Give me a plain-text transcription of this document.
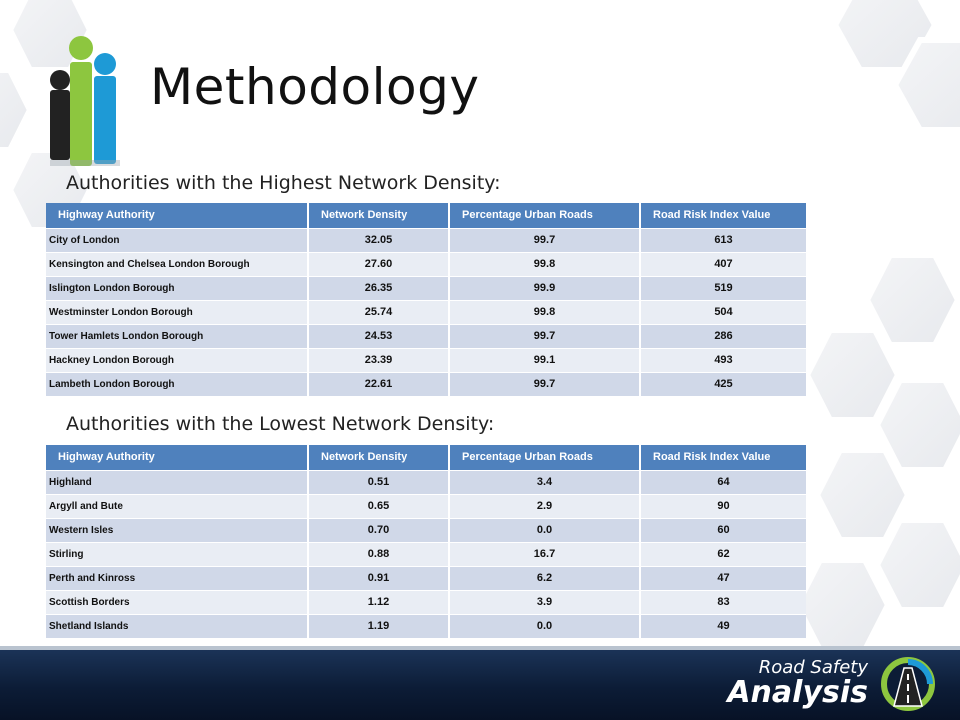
Methodology
Authorities with the Highest Network Density:
Highway Authority	Network Density	Percentage Urban Roads	Road Risk Index Value
City of London	32.05	99.7	613
Kensington and Chelsea London Borough	27.60	99.8	407
Islington London Borough	26.35	99.9	519
Westminster London Borough	25.74	99.8	504
Tower Hamlets London Borough	24.53	99.7	286
Hackney London Borough	23.39	99.1	493
Lambeth London Borough	22.61	99.7	425
Authorities with the Lowest Network Density:
Highway Authority	Network Density	Percentage Urban Roads	Road Risk Index Value
Highland	0.51	3.4	64
Argyll and Bute	0.65	2.9	90
Western Isles	0.70	0.0	60
Stirling	0.88	16.7	62
Perth and Kinross	0.91	6.2	47
Scottish Borders	1.12	3.9	83
Shetland Islands	1.19	0.0	49
Road Safety
Analysis
